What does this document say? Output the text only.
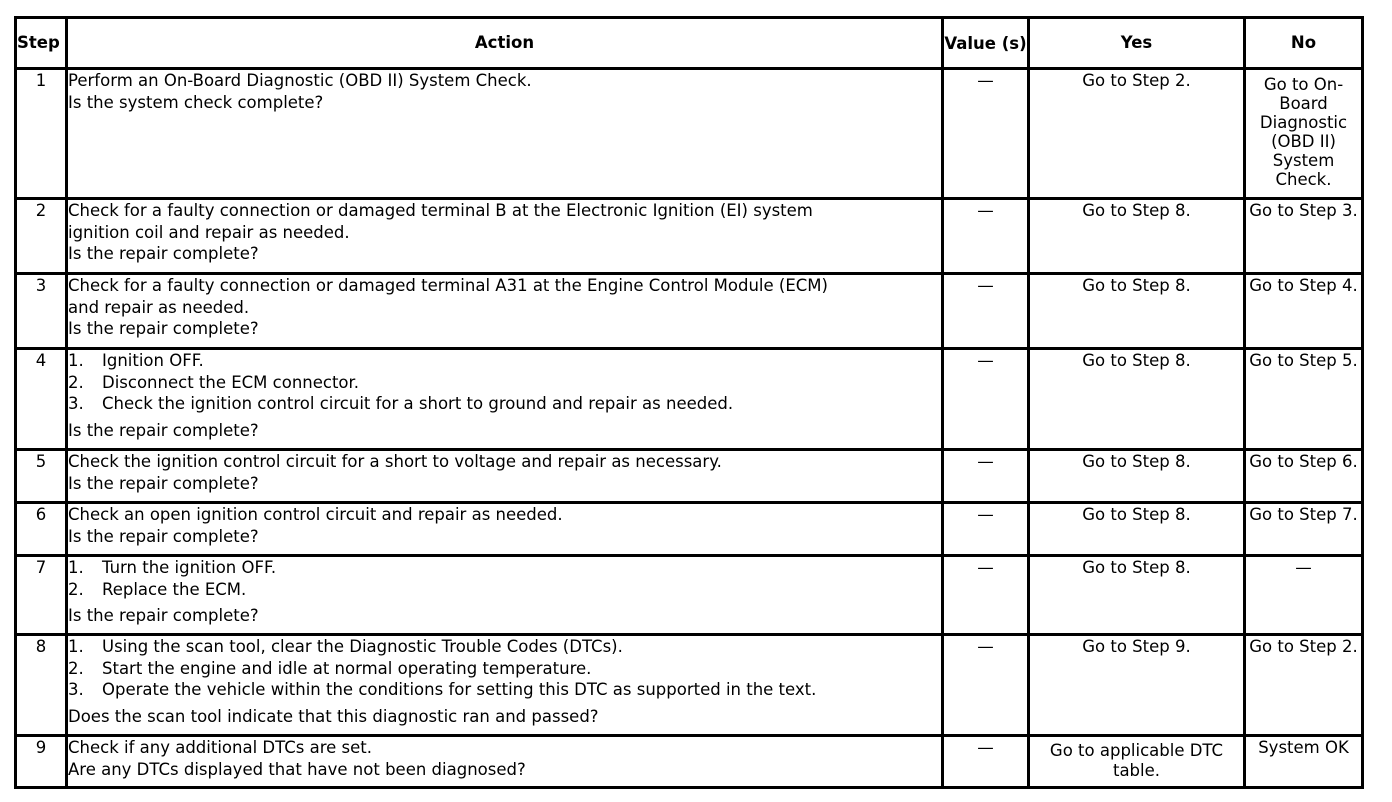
Step	Action	Value (s)	Yes	No
1	Perform an On-Board Diagnostic (OBD II) System Check.
Is the system check complete?	—	Go to Step 2.	Go to On-Board Diagnostic (OBD II) System Check.
2	Check for a faulty connection or damaged terminal B at the Electronic Ignition (EI) system
ignition coil and repair as needed.
Is the repair complete?	—	Go to Step 8.	Go to Step 3.
3	Check for a faulty connection or damaged terminal A31 at the Engine Control Module (ECM)
and repair as needed.
Is the repair complete?	—	Go to Step 8.	Go to Step 4.
4	1. Ignition OFF.
2. Disconnect the ECM connector.
3. Check the ignition control circuit for a short to ground and repair as needed.
Is the repair complete?	—	Go to Step 8.	Go to Step 5.
5	Check the ignition control circuit for a short to voltage and repair as necessary.
Is the repair complete?	—	Go to Step 8.	Go to Step 6.
6	Check an open ignition control circuit and repair as needed.
Is the repair complete?	—	Go to Step 8.	Go to Step 7.
7	1. Turn the ignition OFF.
2. Replace the ECM.
Is the repair complete?	—	Go to Step 8.	—
8	1. Using the scan tool, clear the Diagnostic Trouble Codes (DTCs).
2. Start the engine and idle at normal operating temperature.
3. Operate the vehicle within the conditions for setting this DTC as supported in the text.
Does the scan tool indicate that this diagnostic ran and passed?	—	Go to Step 9.	Go to Step 2.
9	Check if any additional DTCs are set.
Are any DTCs displayed that have not been diagnosed?	—	Go to applicable DTC table.	System OK
